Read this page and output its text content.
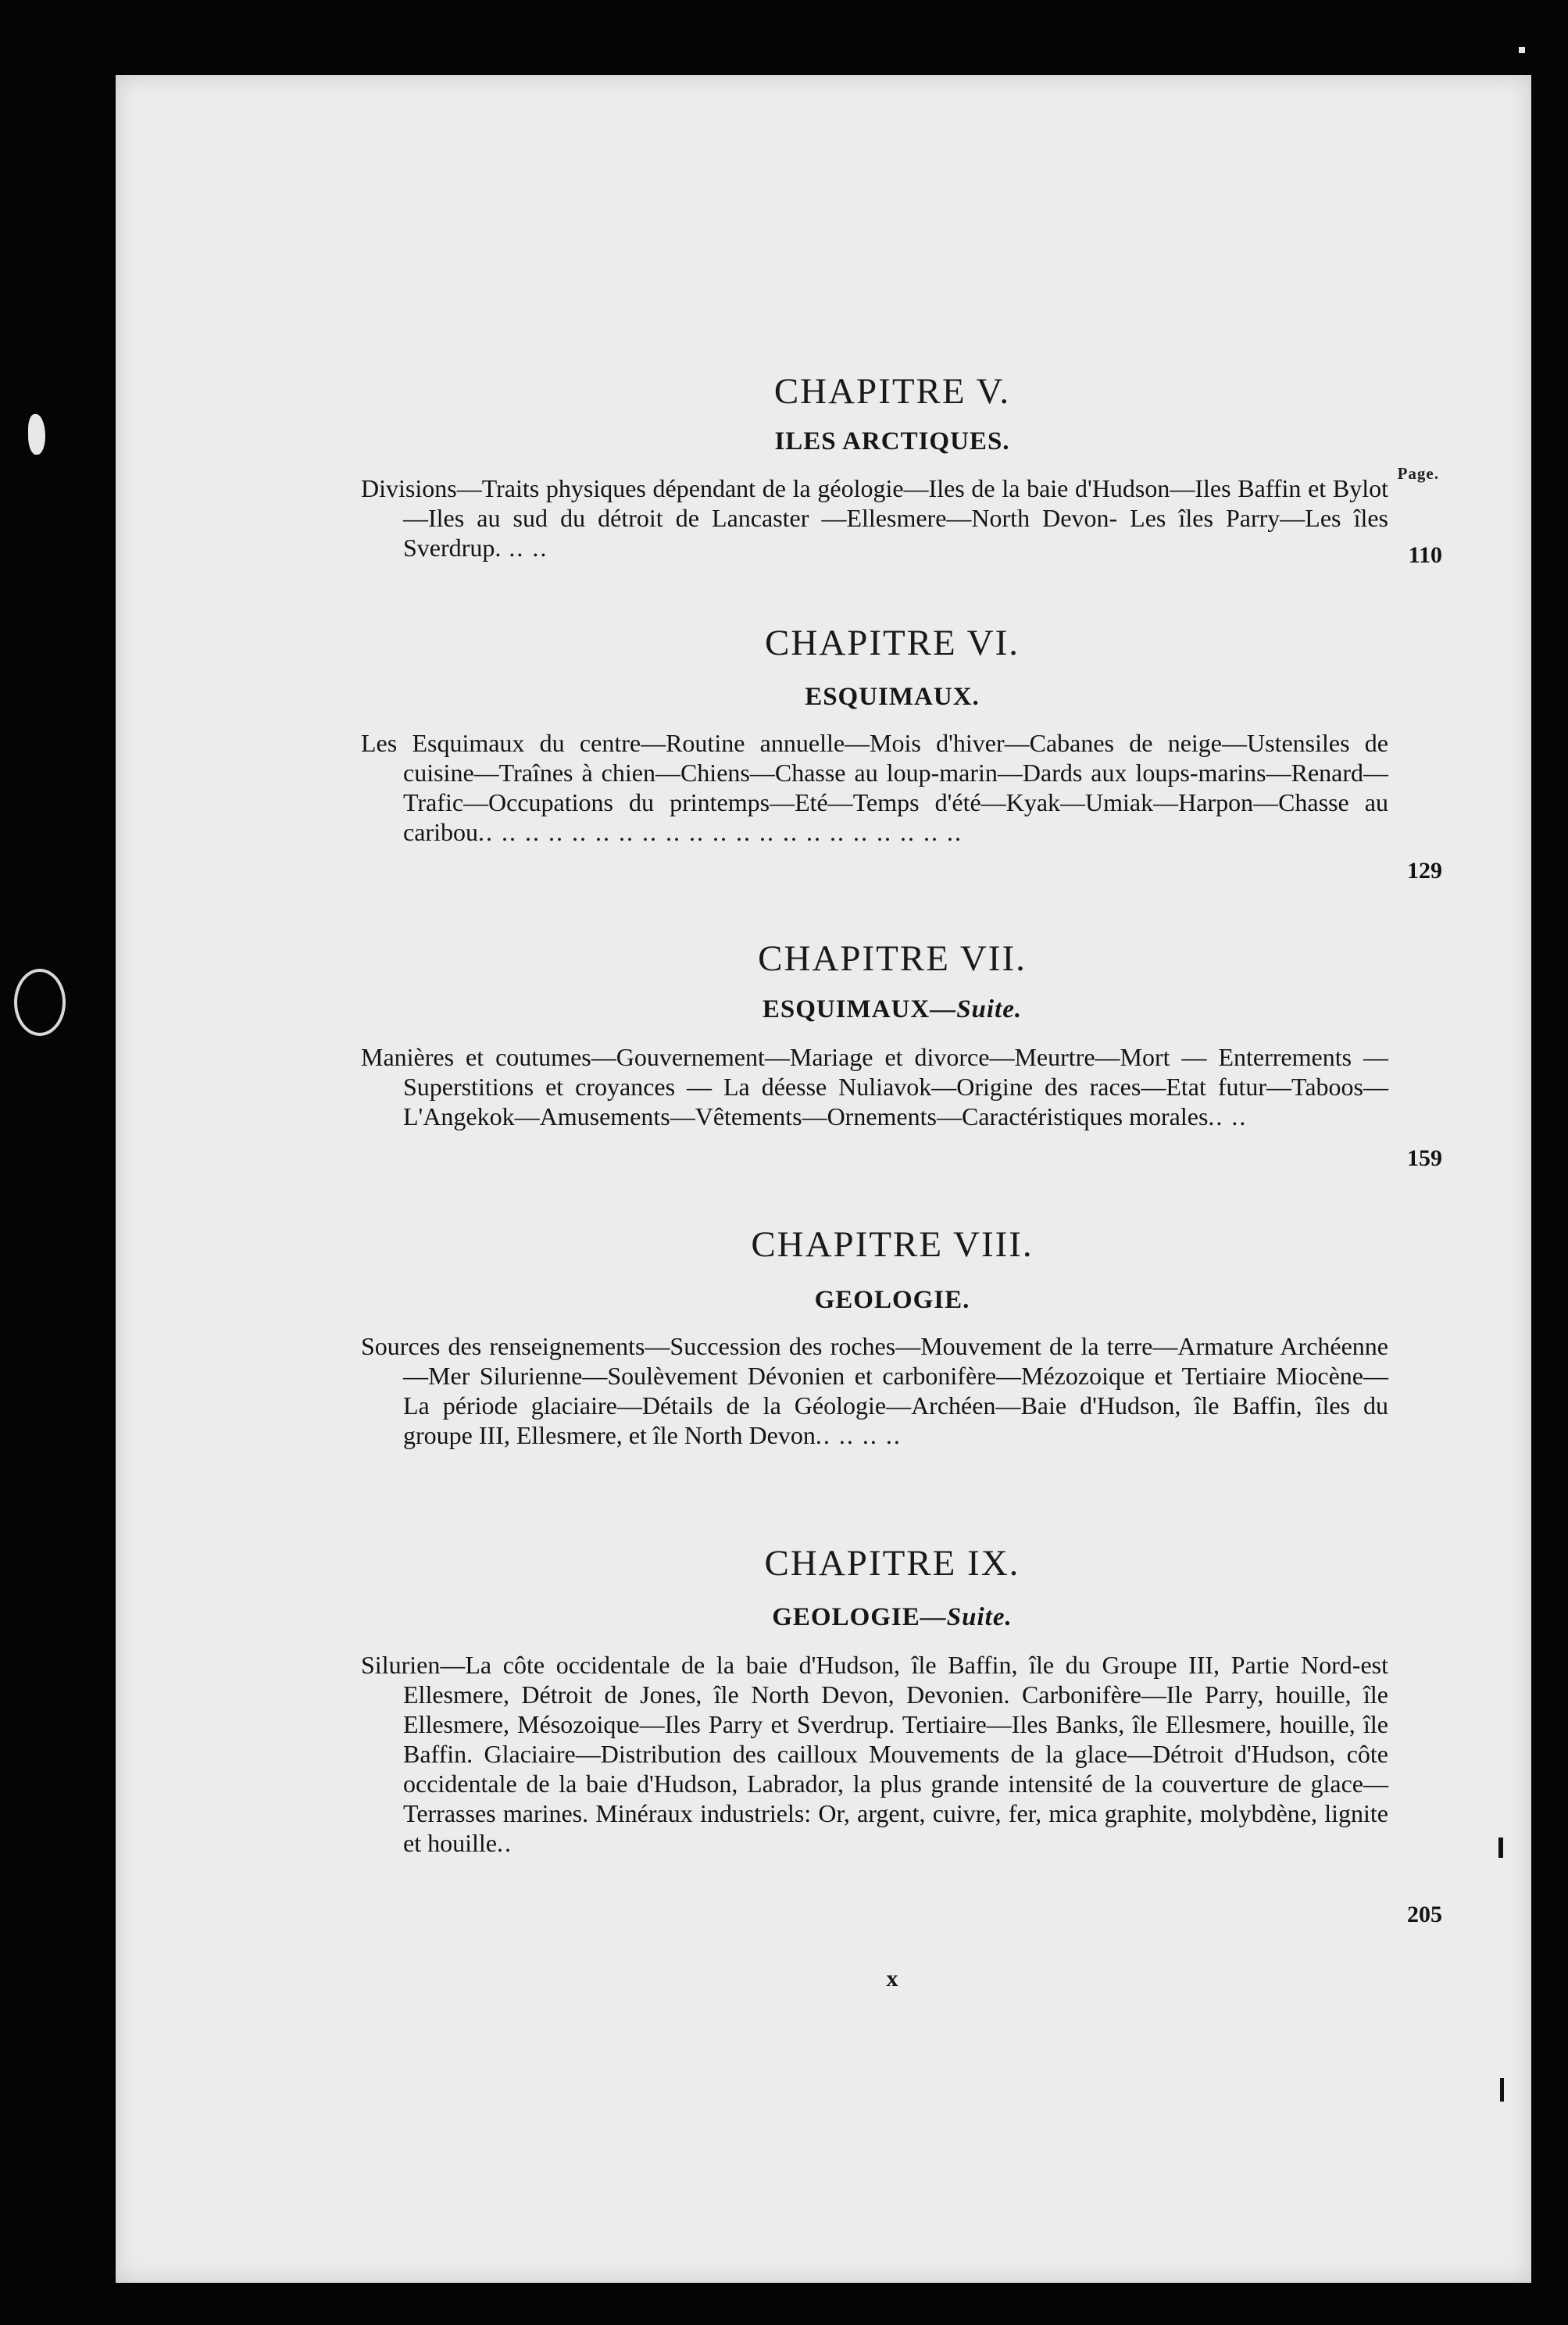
CHAPITRE V.
ILES ARCTIQUES.
Page.
Divisions—Traits physiques dépendant de la géologie—Iles de la baie d'Hudson—Iles Baffin et Bylot—Iles au sud du détroit de Lancaster —Ellesmere—North Devon- Les îles Parry—Les îles Sverdrup. .. ..	110
CHAPITRE VI.
ESQUIMAUX.
Les Esquimaux du centre—Routine annuelle—Mois d'hiver—Cabanes de neige—Ustensiles de cuisine—Traînes à chien—Chiens—Chasse au loup-marin—Dards aux loups-marins—Renard—Trafic—Occupations du printemps—Eté—Temps d'été—Kyak—Umiak—Harpon—Chasse au caribou.. .. .. .. .. .. .. .. .. .. .. .. .. .. .. .. .. .. .. .. ..
129
CHAPITRE VII.
ESQUIMAUX—Suite.
Manières et coutumes—Gouvernement—Mariage et divorce—Meurtre—Mort — Enterrements — Superstitions et croyances — La déesse Nuliavok—Origine des races—Etat futur—Taboos—L'Angekok—Amusements—Vêtements—Ornements—Caractéristiques morales.. ..
159
CHAPITRE VIII.
GEOLOGIE.
Sources des renseignements—Succession des roches—Mouvement de la terre—Armature Archéenne—Mer Silurienne—Soulèvement Dévonien et carbonifère—Mézozoique et Tertiaire Miocène—La période glaciaire—Détails de la Géologie—Archéen—Baie d'Hudson, île Baffin, îles du groupe III, Ellesmere, et île North Devon.. .. .. ..
CHAPITRE IX.
GEOLOGIE—Suite.
Silurien—La côte occidentale de la baie d'Hudson, île Baffin, île du Groupe III, Partie Nord-est Ellesmere, Détroit de Jones, île North Devon, Devonien. Carbonifère—Ile Parry, houille, île Ellesmere, Mésozoique—Iles Parry et Sverdrup. Tertiaire—Iles Banks, île Ellesmere, houille, île Baffin. Glaciaire—Distribution des cailloux Mouvements de la glace—Détroit d'Hudson, côte occidentale de la baie d'Hudson, Labrador, la plus grande intensité de la couverture de glace—Terrasses marines. Minéraux industriels: Or, argent, cuivre, fer, mica graphite, molybdène, lignite et houille..
205
x
